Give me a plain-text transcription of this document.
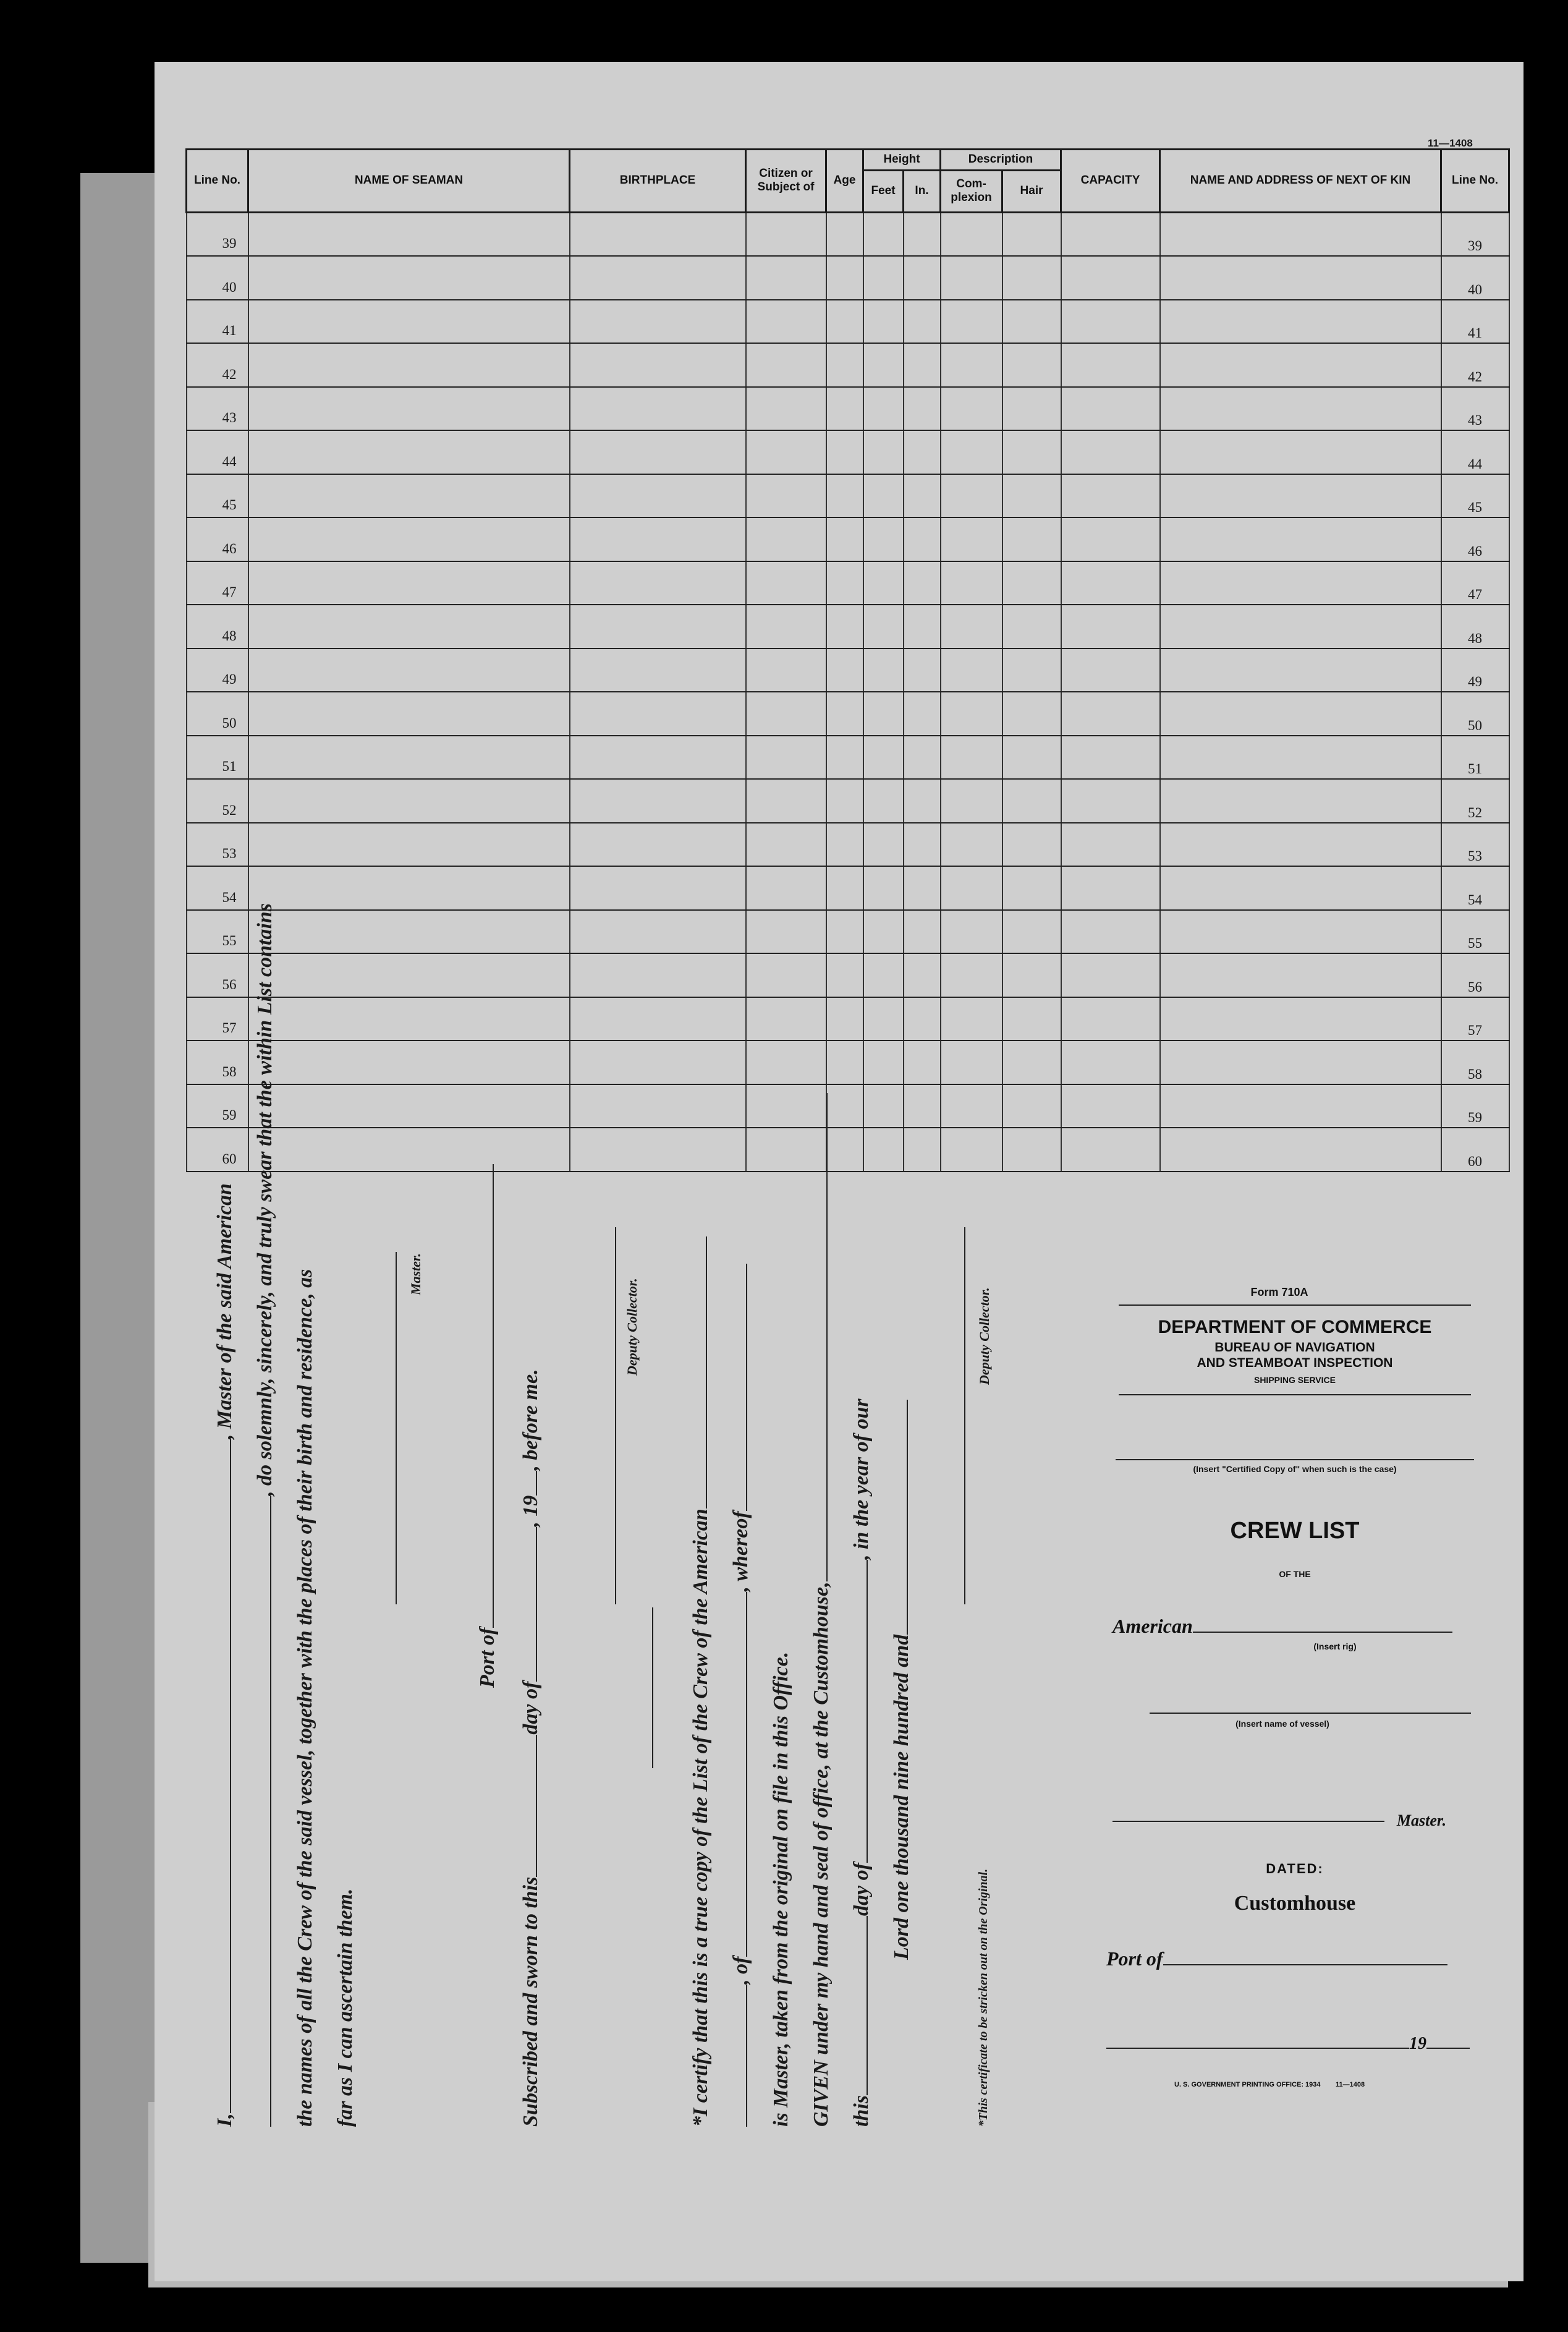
11—1408
Line No.	NAME OF SEAMAN	BIRTHPLACE	Citizen or Subject of	Age	Height		Description		CAPACITY	NAME AND ADDRESS OF NEXT OF KIN	Line No.
					Feet	In.	Com-plexion	Hair			
39											39
40											40
41											41
42											42
43											43
44											44
45											45
46											46
47											47
48											48
49											49
50											50
51											51
52											52
53											53
54											54
55											55
56											56
57											57
58											58
59											59
60											60
I,, Master of the said American , do solemnly, sincerely, and truly swear that the within List contains
the names of all the Crew of the said vessel, together with the places of their birth and residence, as far as I can ascertain them.
Master.
Port of
Subscribed and sworn to thisday of, 19, before me.
Deputy Collector.
*I certify that this is a true copy of the List of the Crew of the American , of, whereof
is Master, taken from the original on file in this Office. GIVEN under my hand and seal of office, at the Customhouse, thisday of, in the year of our
Lord one thousand nine hundred and
Deputy Collector.
*This certificate to be stricken out on the Original.
Form 710A
DEPARTMENT OF COMMERCE
BUREAU OF NAVIGATION
AND STEAMBOAT INSPECTION
SHIPPING SERVICE
(Insert "Certified Copy of" when such is the case)
CREW LIST
OF THE
American
(Insert rig)
(Insert name of vessel)
Master.
DATED:
Customhouse
Port of
19
U. S. GOVERNMENT PRINTING OFFICE: 1934 11—1408
